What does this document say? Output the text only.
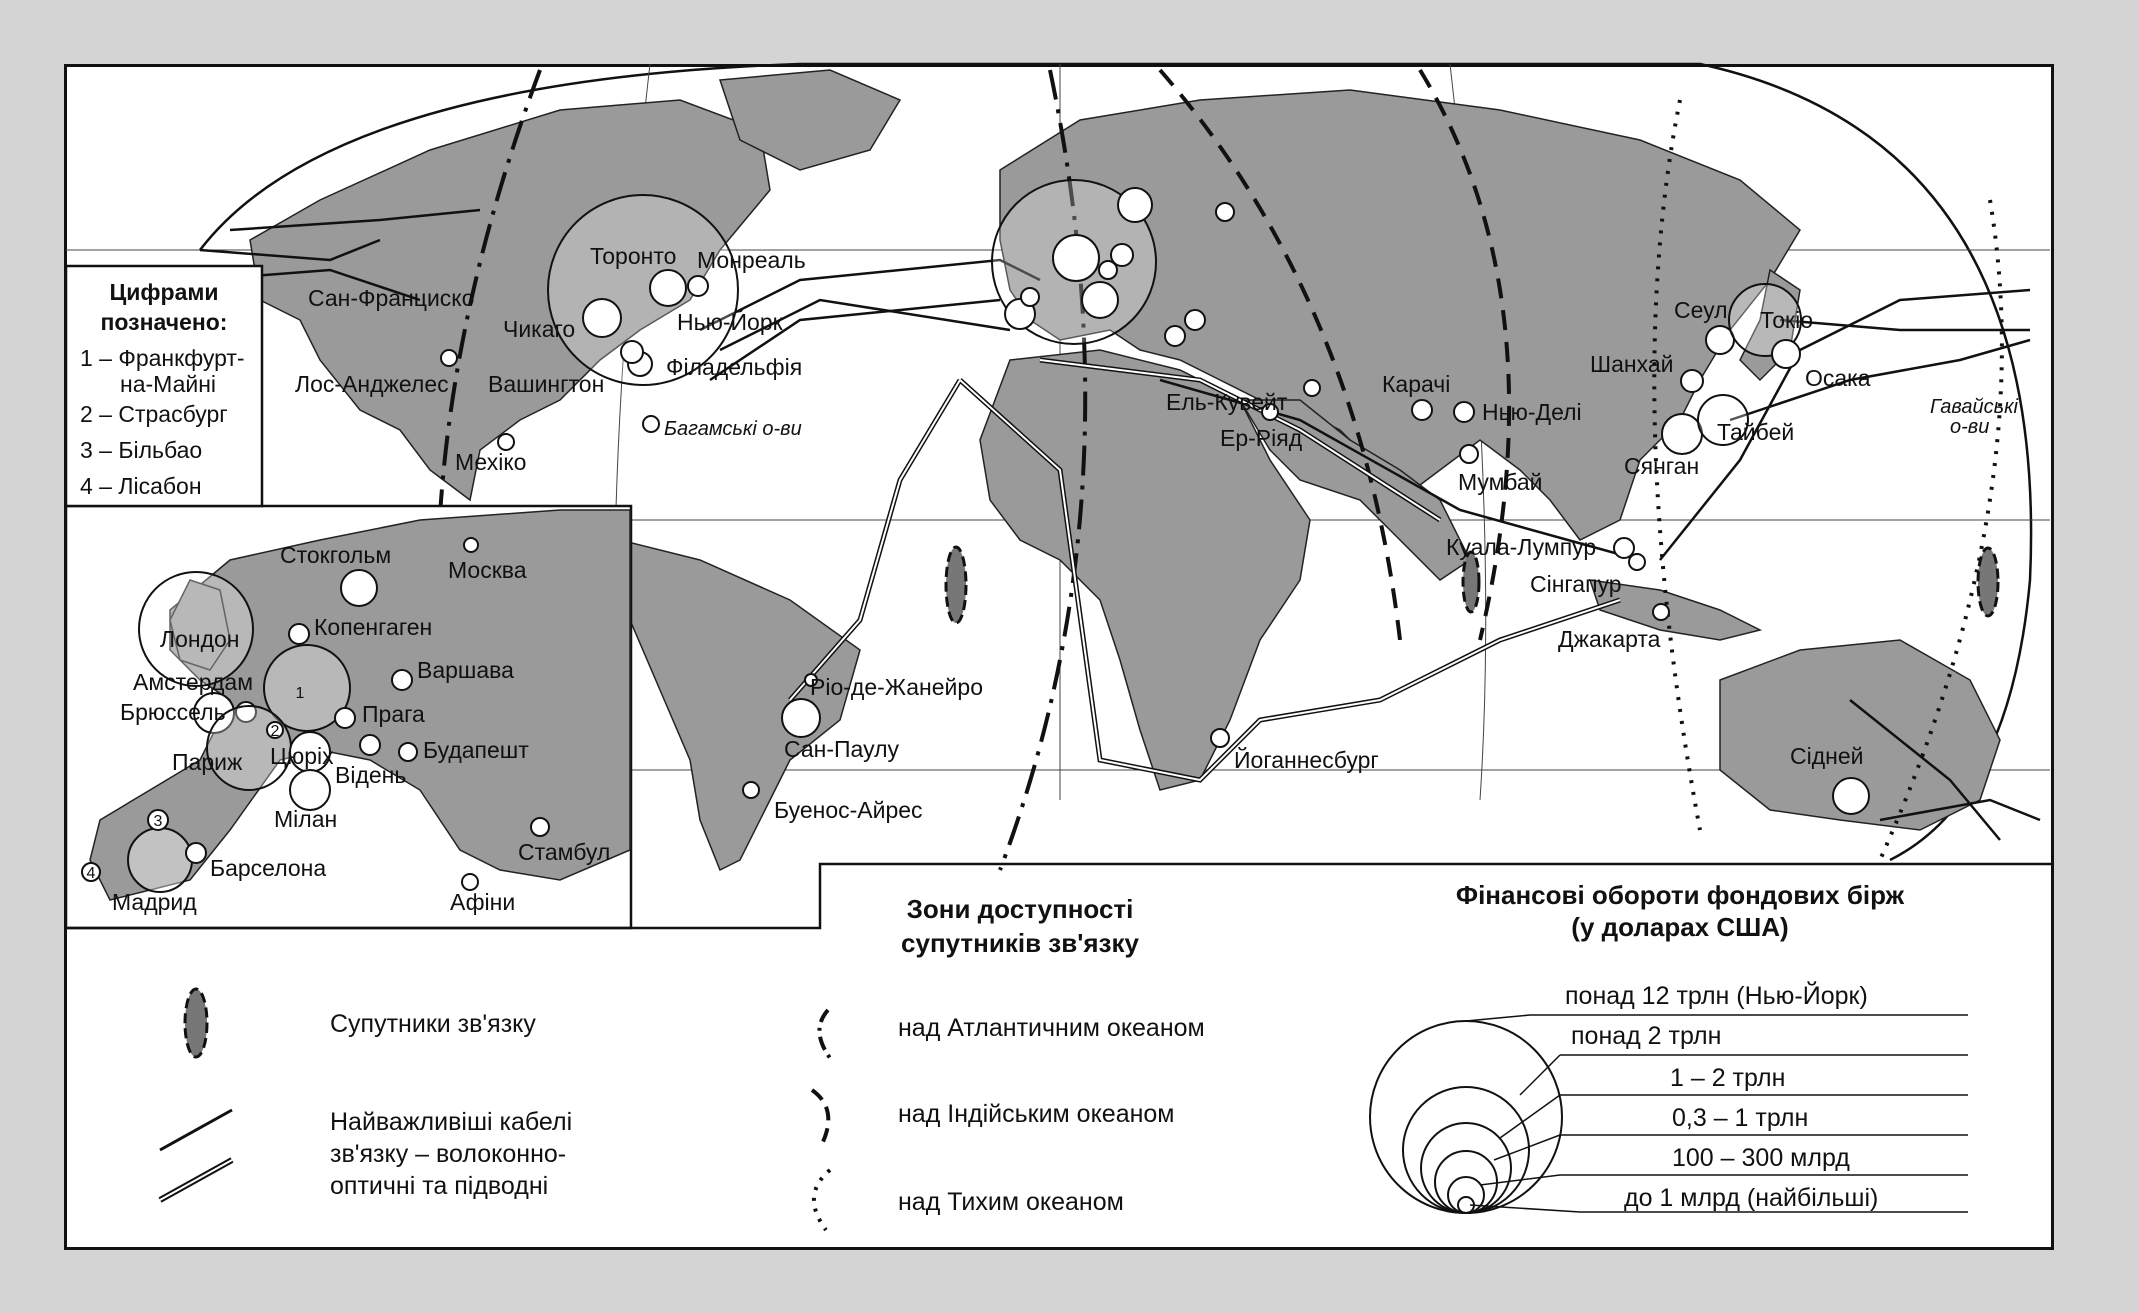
1
2
3
4
Стокгольм
Москва
Лондон	Копенгаген
Амстердам	Варшава
Брюссель	Прага
Париж Цюріх	Будапешт
Відень
Мілан
Мадрид
Барселона
Стамбул
Афіни
Цифрами
позначено:
1 – Франкфурт-
на-Майні
2 – Страсбург
3 – Більбао
4 – Лісабон
Сан-Франциско
Лос-Анджелес
Чикаго
Торонто Монреаль
Нью-Йорк
Вашингтон
Філадельфія
Багамські о-ви
Мехіко
Ріо-де-Жанейро
Сан-Паулу
Буенос-Айрес
Ель-Кувейт
Ер-Ріяд
Карачі
Нью-Делі
Мумбай
Йоганнесбург
Куала-Лумпур
Сінгапур
Джакарта
Шанхай
Сеул Токіо
Осака
Сянган
Тайбей
Гавайські
о-ви
Сідней
Супутники зв'язку
Найважливіші кабелі
зв'язку – волоконно-
оптичні та підводні
Зони доступності
супутників зв'язку
над Атлантичним океаном
над Індійським океаном
над Тихим океаном
Фінансові обороти фондових бірж
(у доларах США)
понад 12 трлн (Нью-Йорк)
понад 2 трлн
1 – 2 трлн
0,3 – 1 трлн
100 – 300 млрд
до 1 млрд (найбільші)
